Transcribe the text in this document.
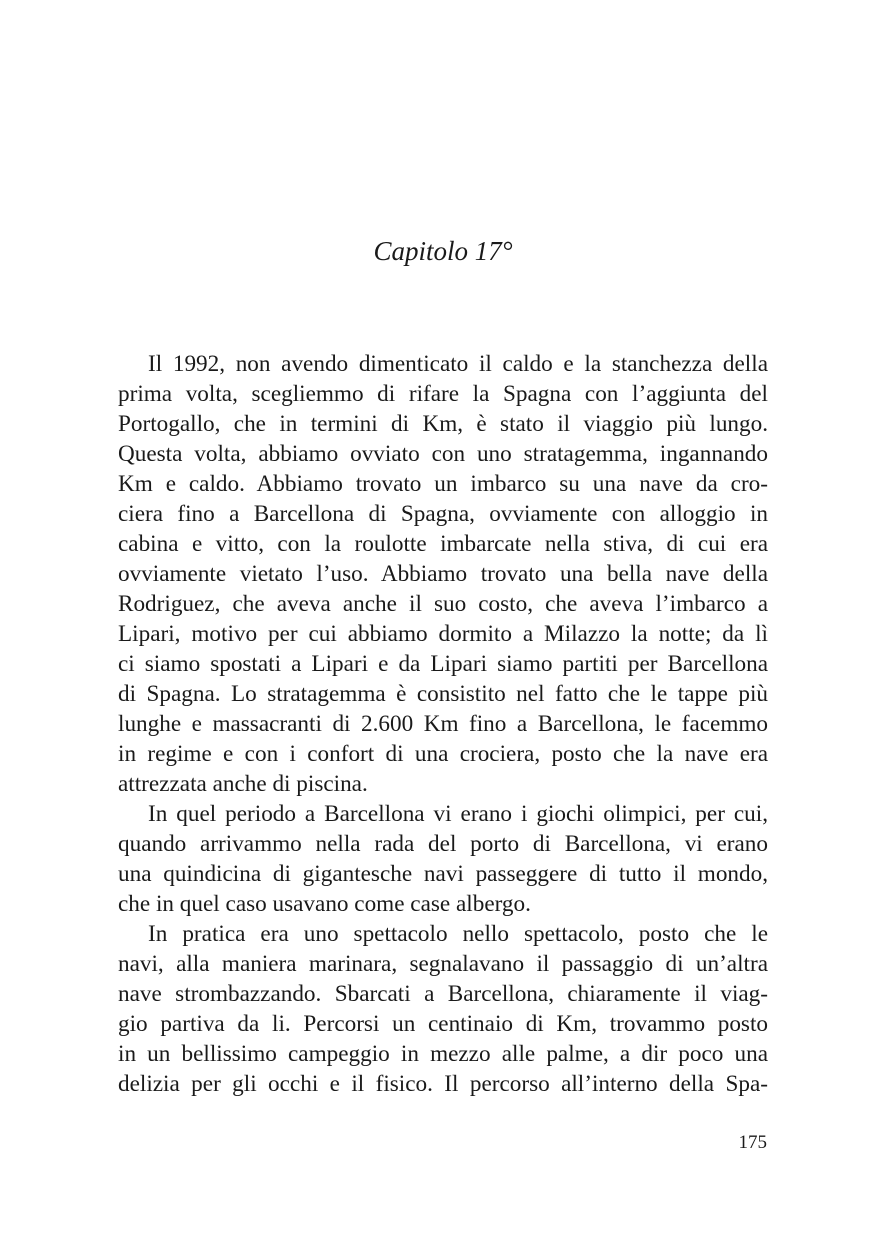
Capitolo 17°
Il 1992, non avendo dimenticato il caldo e la stanchezza della
prima volta, scegliemmo di rifare la Spagna con l’aggiunta del
Portogallo, che in termini di Km, è stato il viaggio più lungo.
Questa volta, abbiamo ovviato con uno stratagemma, ingannando
Km e caldo. Abbiamo trovato un imbarco su una nave da cro-
ciera fino a Barcellona di Spagna, ovviamente con alloggio in
cabina e vitto, con la roulotte imbarcate nella stiva, di cui era
ovviamente vietato l’uso. Abbiamo trovato una bella nave della
Rodriguez, che aveva anche il suo costo, che aveva l’imbarco a
Lipari, motivo per cui abbiamo dormito a Milazzo la notte; da lì
ci siamo spostati a Lipari e da Lipari siamo partiti per Barcellona
di Spagna. Lo stratagemma è consistito nel fatto che le tappe più
lunghe e massacranti di 2.600 Km fino a Barcellona, le facemmo
in regime e con i confort di una crociera, posto che la nave era
attrezzata anche di piscina.
In quel periodo a Barcellona vi erano i giochi olimpici, per cui,
quando arrivammo nella rada del porto di Barcellona, vi erano
una quindicina di gigantesche navi passeggere di tutto il mondo,
che in quel caso usavano come case albergo.
In pratica era uno spettacolo nello spettacolo, posto che le
navi, alla maniera marinara, segnalavano il passaggio di un’altra
nave strombazzando. Sbarcati a Barcellona, chiaramente il viag-
gio partiva da li. Percorsi un centinaio di Km, trovammo posto
in un bellissimo campeggio in mezzo alle palme, a dir poco una
delizia per gli occhi e il fisico. Il percorso all’interno della Spa-
175
